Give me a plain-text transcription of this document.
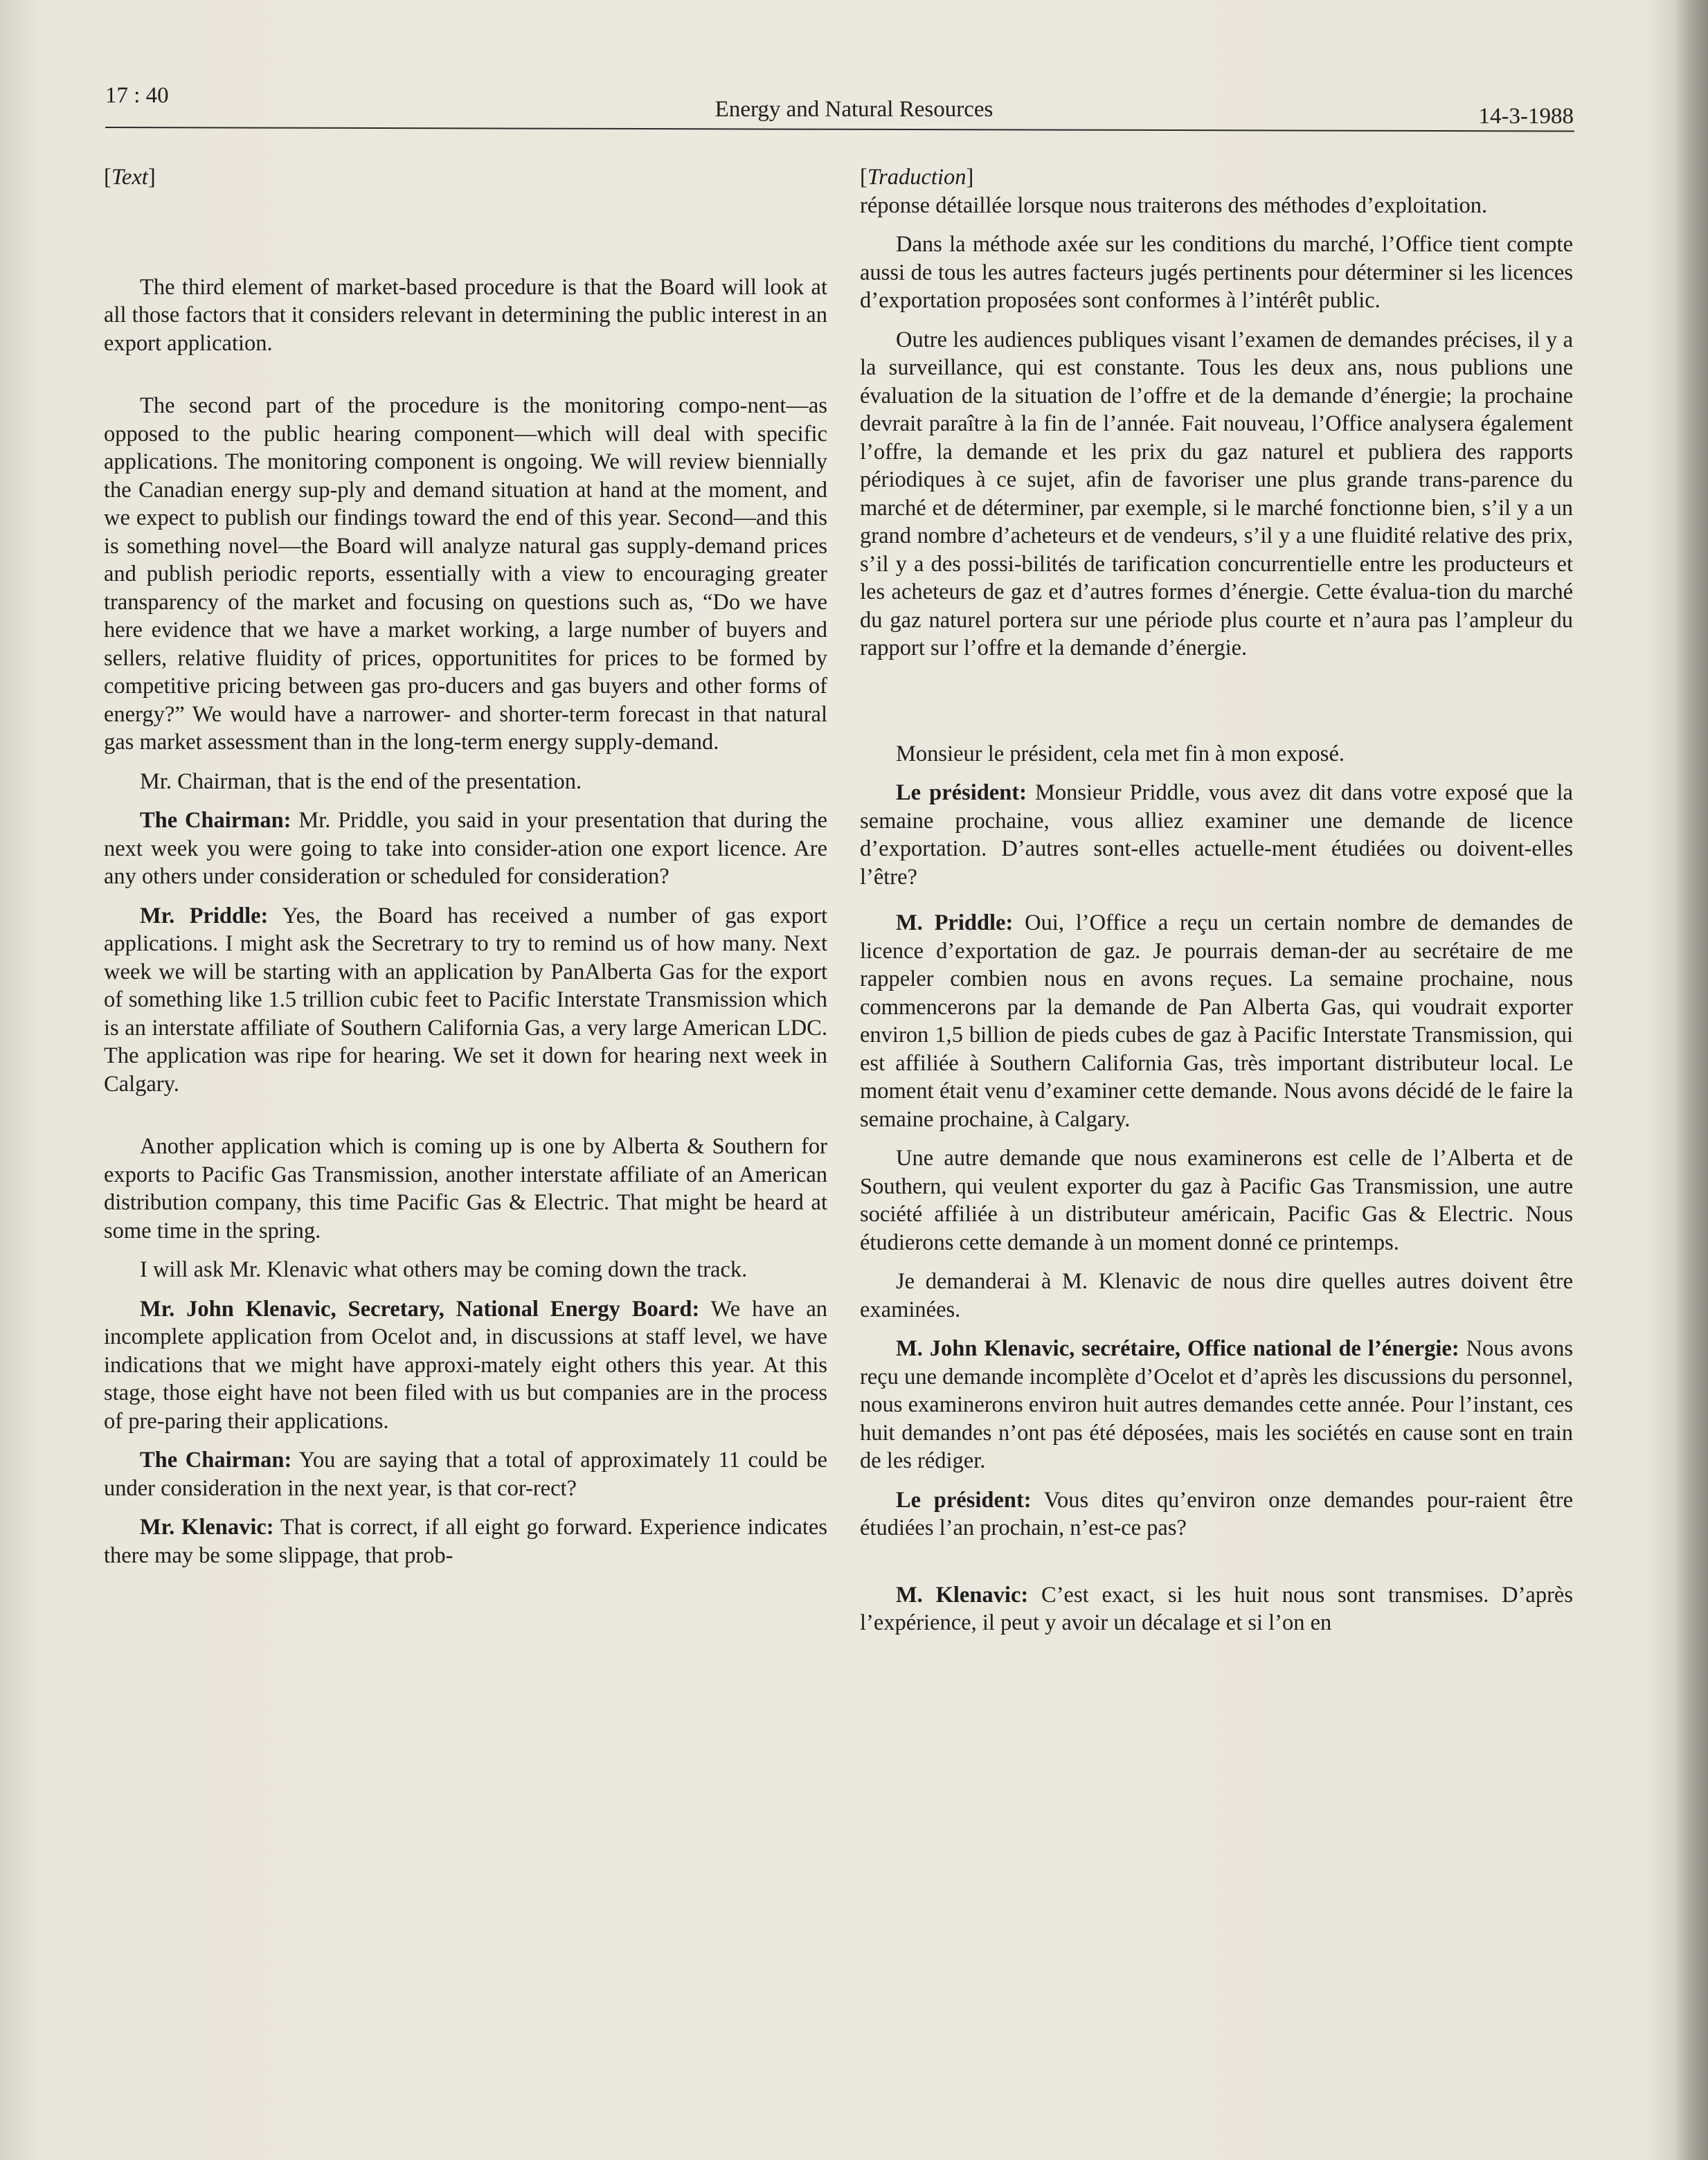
17 : 40
Energy and Natural Resources	14-3-1988

[Text]

The third element of market-based procedure is that the Board will look at all those factors that it considers relevant in determining the public interest in an export application.

The second part of the procedure is the monitoring compo-nent—as opposed to the public hearing component—which will deal with specific applications. The monitoring component is ongoing. We will review biennially the Canadian energy sup-ply and demand situation at hand at the moment, and we expect to publish our findings toward the end of this year. Second—and this is something novel—the Board will analyze natural gas supply-demand prices and publish periodic reports, essentially with a view to encouraging greater transparency of the market and focusing on questions such as, “Do we have here evidence that we have a market working, a large number of buyers and sellers, relative fluidity of prices, opportunitites for prices to be formed by competitive pricing between gas pro-ducers and gas buyers and other forms of energy?” We would have a narrower- and shorter-term forecast in that natural gas market assessment than in the long-term energy supply-demand.

Mr. Chairman, that is the end of the presentation.

The Chairman: Mr. Priddle, you said in your presentation that during the next week you were going to take into consider-ation one export licence. Are any others under consideration or scheduled for consideration?

Mr. Priddle: Yes, the Board has received a number of gas export applications. I might ask the Secretrary to try to remind us of how many. Next week we will be starting with an application by PanAlberta Gas for the export of something like 1.5 trillion cubic feet to Pacific Interstate Transmission which is an interstate affiliate of Southern California Gas, a very large American LDC. The application was ripe for hearing. We set it down for hearing next week in Calgary.

Another application which is coming up is one by Alberta & Southern for exports to Pacific Gas Transmission, another interstate affiliate of an American distribution company, this time Pacific Gas & Electric. That might be heard at some time in the spring.

I will ask Mr. Klenavic what others may be coming down the track.

Mr. John Klenavic, Secretary, National Energy Board: We have an incomplete application from Ocelot and, in discussions at staff level, we have indications that we might have approxi-mately eight others this year. At this stage, those eight have not been filed with us but companies are in the process of pre-paring their applications.

The Chairman: You are saying that a total of approximately 11 could be under consideration in the next year, is that cor-rect?

Mr. Klenavic: That is correct, if all eight go forward. Experience indicates there may be some slippage, that prob-

[Traduction]

réponse détaillée lorsque nous traiterons des méthodes d’exploitation.

Dans la méthode axée sur les conditions du marché, l’Office tient compte aussi de tous les autres facteurs jugés pertinents pour déterminer si les licences d’exportation proposées sont conformes à l’intérêt public.

Outre les audiences publiques visant l’examen de demandes précises, il y a la surveillance, qui est constante. Tous les deux ans, nous publions une évaluation de la situation de l’offre et de la demande d’énergie; la prochaine devrait paraître à la fin de l’année. Fait nouveau, l’Office analysera également l’offre, la demande et les prix du gaz naturel et publiera des rapports périodiques à ce sujet, afin de favoriser une plus grande trans-parence du marché et de déterminer, par exemple, si le marché fonctionne bien, s’il y a un grand nombre d’acheteurs et de vendeurs, s’il y a une fluidité relative des prix, s’il y a des possi-bilités de tarification concurrentielle entre les producteurs et les acheteurs de gaz et d’autres formes d’énergie. Cette évalua-tion du marché du gaz naturel portera sur une période plus courte et n’aura pas l’ampleur du rapport sur l’offre et la demande d’énergie.

Monsieur le président, cela met fin à mon exposé.

Le président: Monsieur Priddle, vous avez dit dans votre exposé que la semaine prochaine, vous alliez examiner une demande de licence d’exportation. D’autres sont-elles actuelle-ment étudiées ou doivent-elles l’être?

M. Priddle: Oui, l’Office a reçu un certain nombre de demandes de licence d’exportation de gaz. Je pourrais deman-der au secrétaire de me rappeler combien nous en avons reçues. La semaine prochaine, nous commencerons par la demande de Pan Alberta Gas, qui voudrait exporter environ 1,5 billion de pieds cubes de gaz à Pacific Interstate Transmission, qui est affiliée à Southern California Gas, très important distributeur local. Le moment était venu d’examiner cette demande. Nous avons décidé de le faire la semaine prochaine, à Calgary.

Une autre demande que nous examinerons est celle de l’Alberta et de Southern, qui veulent exporter du gaz à Pacific Gas Transmission, une autre société affiliée à un distributeur américain, Pacific Gas & Electric. Nous étudierons cette demande à un moment donné ce printemps.

Je demanderai à M. Klenavic de nous dire quelles autres doivent être examinées.

M. John Klenavic, secrétaire, Office national de l’énergie: Nous avons reçu une demande incomplète d’Ocelot et d’après les discussions du personnel, nous examinerons environ huit autres demandes cette année. Pour l’instant, ces huit demandes n’ont pas été déposées, mais les sociétés en cause sont en train de les rédiger.

Le président: Vous dites qu’environ onze demandes pour-raient être étudiées l’an prochain, n’est-ce pas?

M. Klenavic: C’est exact, si les huit nous sont transmises. D’après l’expérience, il peut y avoir un décalage et si l’on en
